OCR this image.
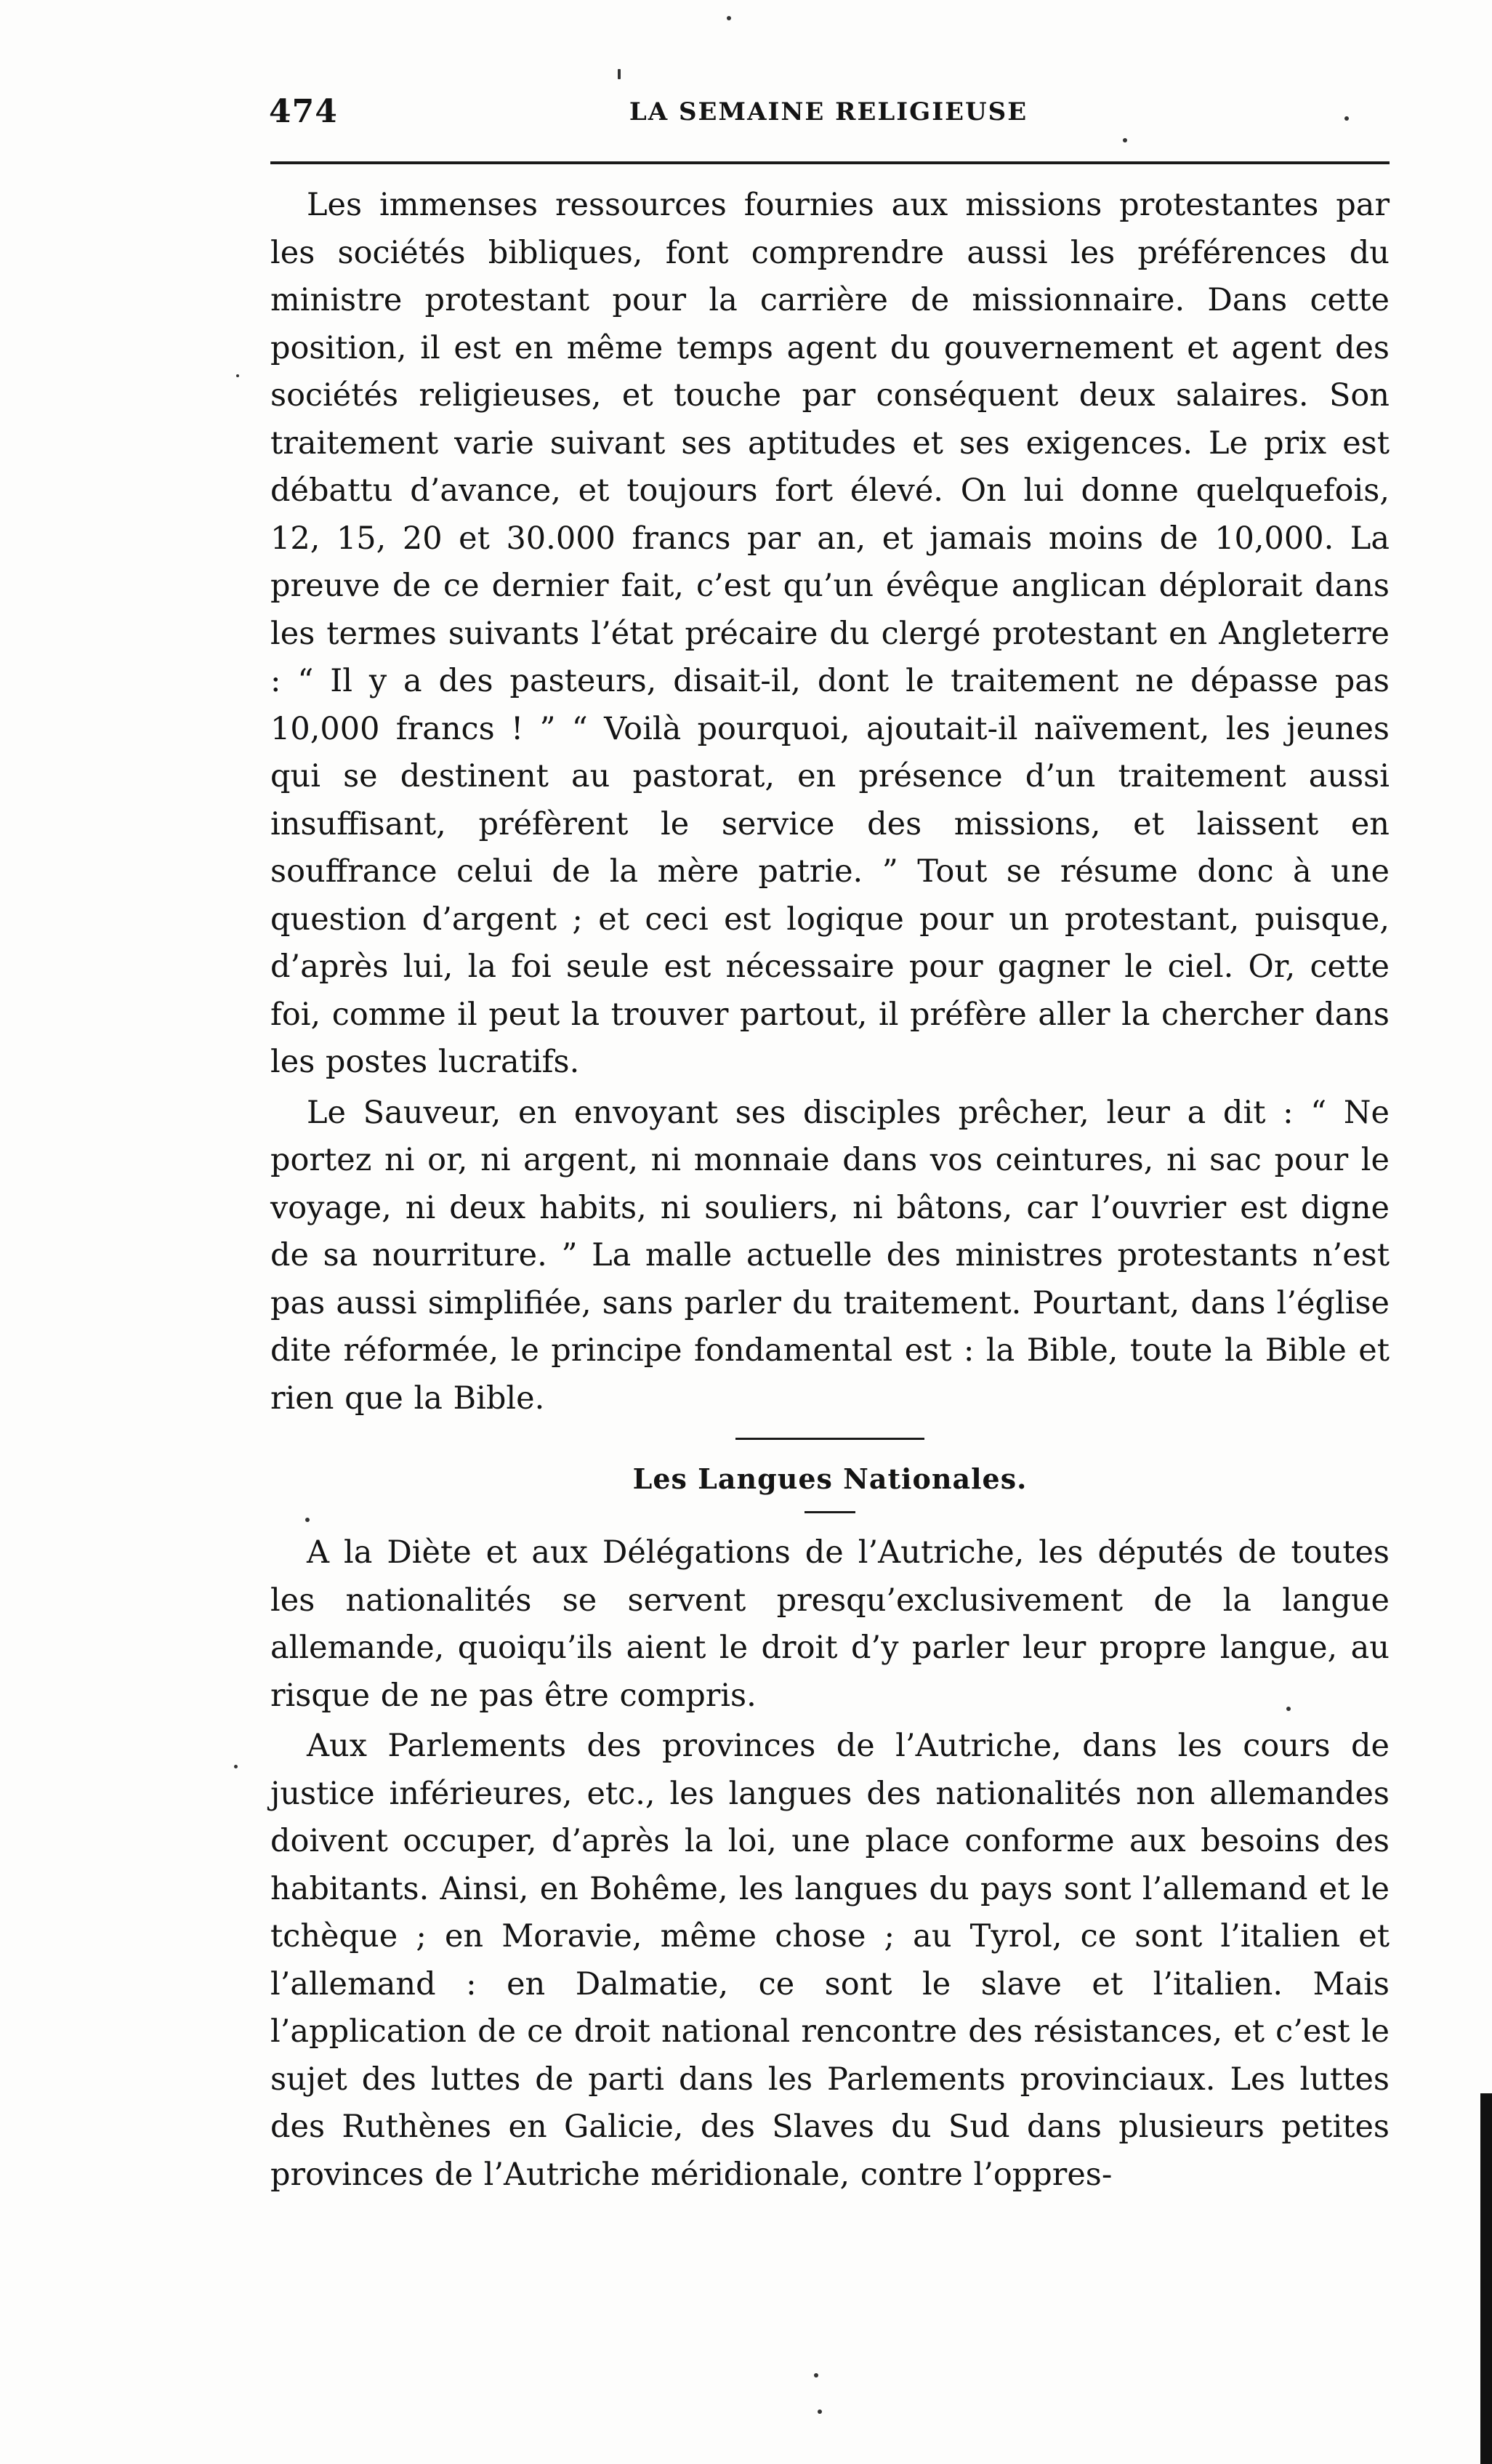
474	LA SEMAINE RELIGIEUSE

Les immenses ressources fournies aux missions protestantes par les sociétés bibliques, font comprendre aussi les préférences du ministre protestant pour la carrière de missionnaire. Dans cette position, il est en même temps agent du gouvernement et agent des sociétés religieuses, et touche par conséquent deux salaires. Son traitement varie suivant ses aptitudes et ses exigences. Le prix est débattu d’avance, et toujours fort élevé. On lui donne quelquefois, 12, 15, 20 et 30.000 francs par an, et jamais moins de 10,000. La preuve de ce dernier fait, c’est qu’un évêque anglican déplorait dans les termes suivants l’état précaire du clergé protestant en Angleterre : “ Il y a des pasteurs, disait-il, dont le traitement ne dépasse pas 10,000 francs ! ” “ Voilà pourquoi, ajoutait-il naïvement, les jeunes qui se destinent au pastorat, en présence d’un traitement aussi insuffisant, préfèrent le service des missions, et laissent en souffrance celui de la mère patrie. ” Tout se résume donc à une question d’argent ; et ceci est logique pour un protestant, puisque, d’après lui, la foi seule est nécessaire pour gagner le ciel. Or, cette foi, comme il peut la trouver partout, il préfère aller la chercher dans les postes lucratifs.

Le Sauveur, en envoyant ses disciples prêcher, leur a dit : “ Ne portez ni or, ni argent, ni monnaie dans vos ceintures, ni sac pour le voyage, ni deux habits, ni souliers, ni bâtons, car l’ouvrier est digne de sa nourriture. ” La malle actuelle des ministres protestants n’est pas aussi simplifiée, sans parler du traitement. Pourtant, dans l’église dite réformée, le principe fondamental est : la Bible, toute la Bible et rien que la Bible.

Les Langues Nationales.

A la Diète et aux Délégations de l’Autriche, les députés de toutes les nationalités se servent presqu’exclusivement de la langue allemande, quoiqu’ils aient le droit d’y parler leur propre langue, au risque de ne pas être compris.

Aux Parlements des provinces de l’Autriche, dans les cours de justice inférieures, etc., les langues des nationalités non allemandes doivent occuper, d’après la loi, une place conforme aux besoins des habitants. Ainsi, en Bohême, les langues du pays sont l’allemand et le tchèque ; en Moravie, même chose ; au Tyrol, ce sont l’italien et l’allemand : en Dalmatie, ce sont le slave et l’italien. Mais l’application de ce droit national rencontre des résistances, et c’est le sujet des luttes de parti dans les Parlements provinciaux. Les luttes des Ruthènes en Galicie, des Slaves du Sud dans plusieurs petites provinces de l’Autriche méridionale, contre l’oppres-
